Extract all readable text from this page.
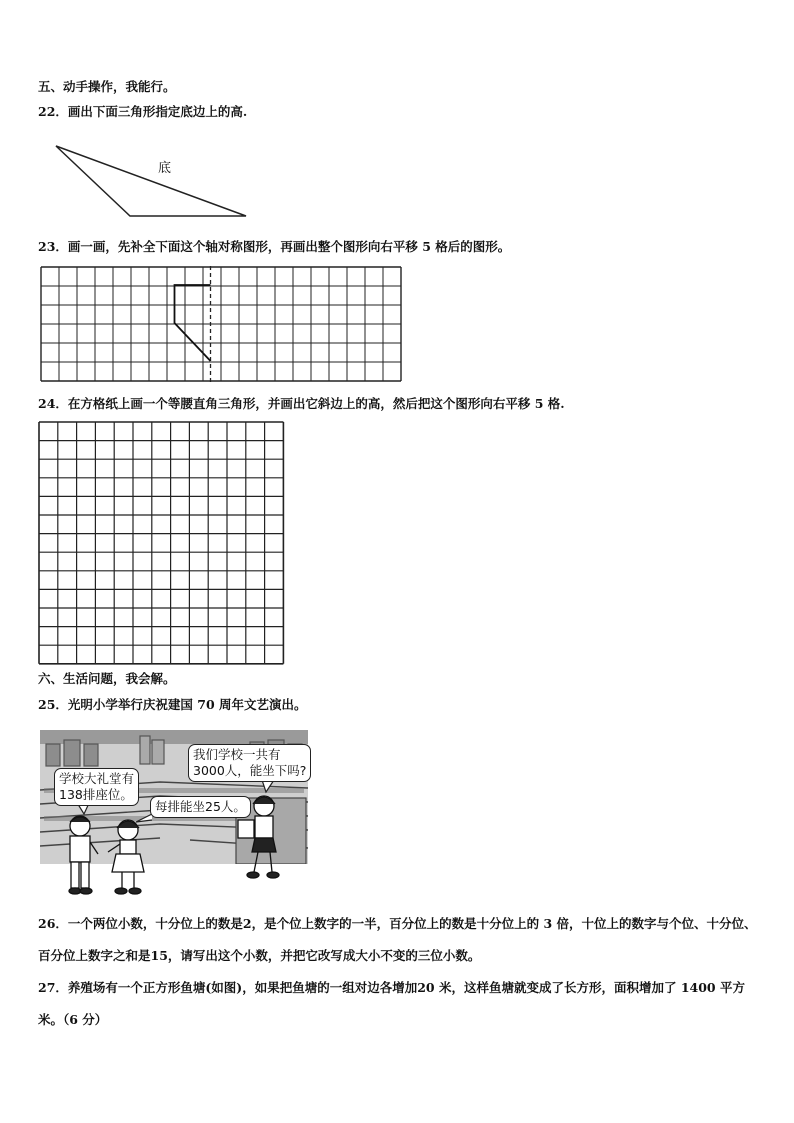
五、动手操作，我能行。
22．画出下面三角形指定底边上的高.
底
23．画一画，先补全下面这个轴对称图形，再画出整个图形向右平移 5 格后的图形。
24．在方格纸上画一个等腰直角三角形，并画出它斜边上的高，然后把这个图形向右平移 5 格.
六、生活问题，我会解。
25．光明小学举行庆祝建国 70 周年文艺演出。
学校大礼堂有
138排座位。
每排能坐25人。
我们学校一共有
3000人，能坐下吗?
26．一个两位小数，十分位上的数是2，是个位上数字的一半，百分位上的数是十分位上的 3 倍，十位上的数字与个位、十分位、百分位上数字之和是15，请写出这个小数，并把它改写成大小不变的三位小数。
27．养殖场有一个正方形鱼塘(如图)，如果把鱼塘的一组对边各增加20 米，这样鱼塘就变成了长方形，面积增加了 1400 平方米。（6 分）
